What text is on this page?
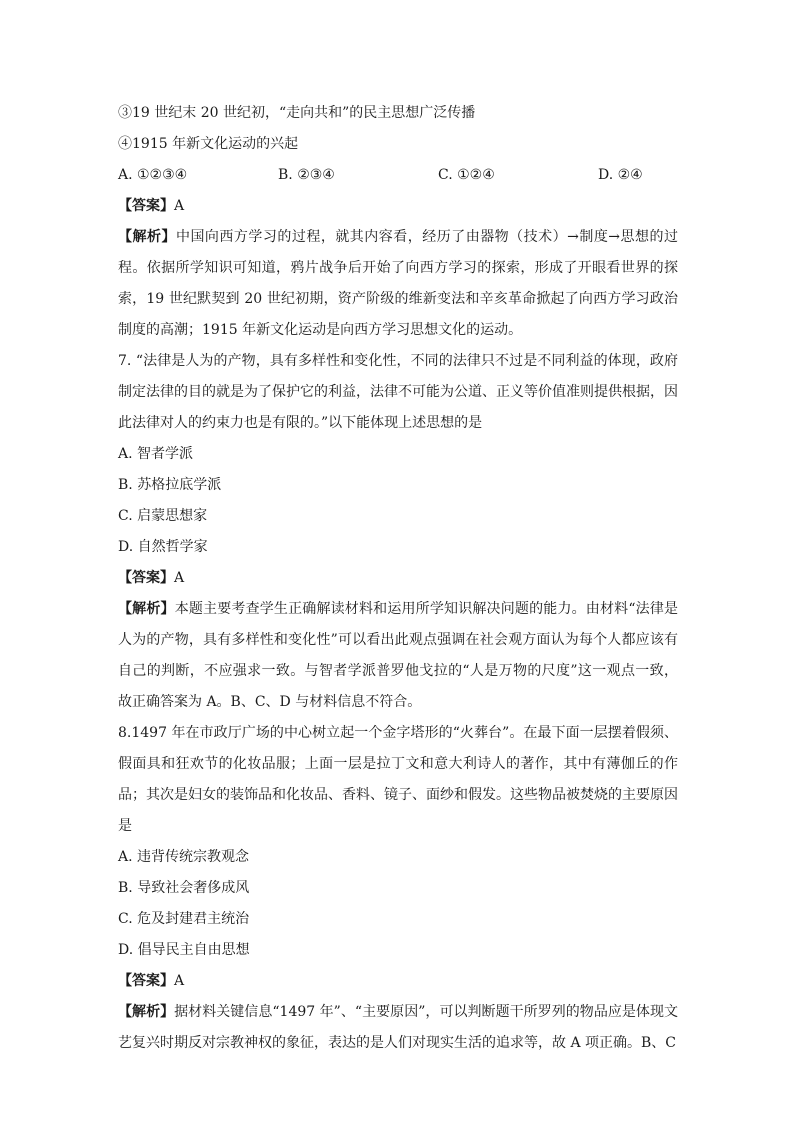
③19 世纪末 20 世纪初，“走向共和”的民主思想广泛传播
④1915 年新文化运动的兴起
A. ①②③④	B. ②③④	C. ①②④	D. ②④
【答案】A
【解析】中国向西方学习的过程，就其内容看，经历了由器物（技术）→制度→思想的过程。依据所学知识可知道，鸦片战争后开始了向西方学习的探索，形成了开眼看世界的探索，19 世纪默契到 20 世纪初期，资产阶级的维新变法和辛亥革命掀起了向西方学习政治制度的高潮；1915 年新文化运动是向西方学习思想文化的运动。
7. “法律是人为的产物，具有多样性和变化性，不同的法律只不过是不同利益的体现，政府制定法律的目的就是为了保护它的利益，法律不可能为公道、正义等价值准则提供根据，因此法律对人的约束力也是有限的。”以下能体现上述思想的是
A. 智者学派
B. 苏格拉底学派
C. 启蒙思想家
D. 自然哲学家
【答案】A
【解析】本题主要考查学生正确解读材料和运用所学知识解决问题的能力。由材料“法律是人为的产物，具有多样性和变化性”可以看出此观点强调在社会观方面认为每个人都应该有自己的判断，不应强求一致。与智者学派普罗他戈拉的“人是万物的尺度”这一观点一致，故正确答案为 A。B、C、D 与材料信息不符合。
8.1497 年在市政厅广场的中心树立起一个金字塔形的“火葬台”。在最下面一层摆着假须、假面具和狂欢节的化妆品服；上面一层是拉丁文和意大利诗人的著作，其中有薄伽丘的作品；其次是妇女的装饰品和化妆品、香料、镜子、面纱和假发。这些物品被焚烧的主要原因是
A. 违背传统宗教观念
B. 导致社会奢侈成风
C. 危及封建君主统治
D. 倡导民主自由思想
【答案】A
【解析】据材料关键信息“1497 年”、“主要原因”，可以判断题干所罗列的物品应是体现文艺复兴时期反对宗教神权的象征，表达的是人们对现实生活的追求等，故 A 项正确。B、C
